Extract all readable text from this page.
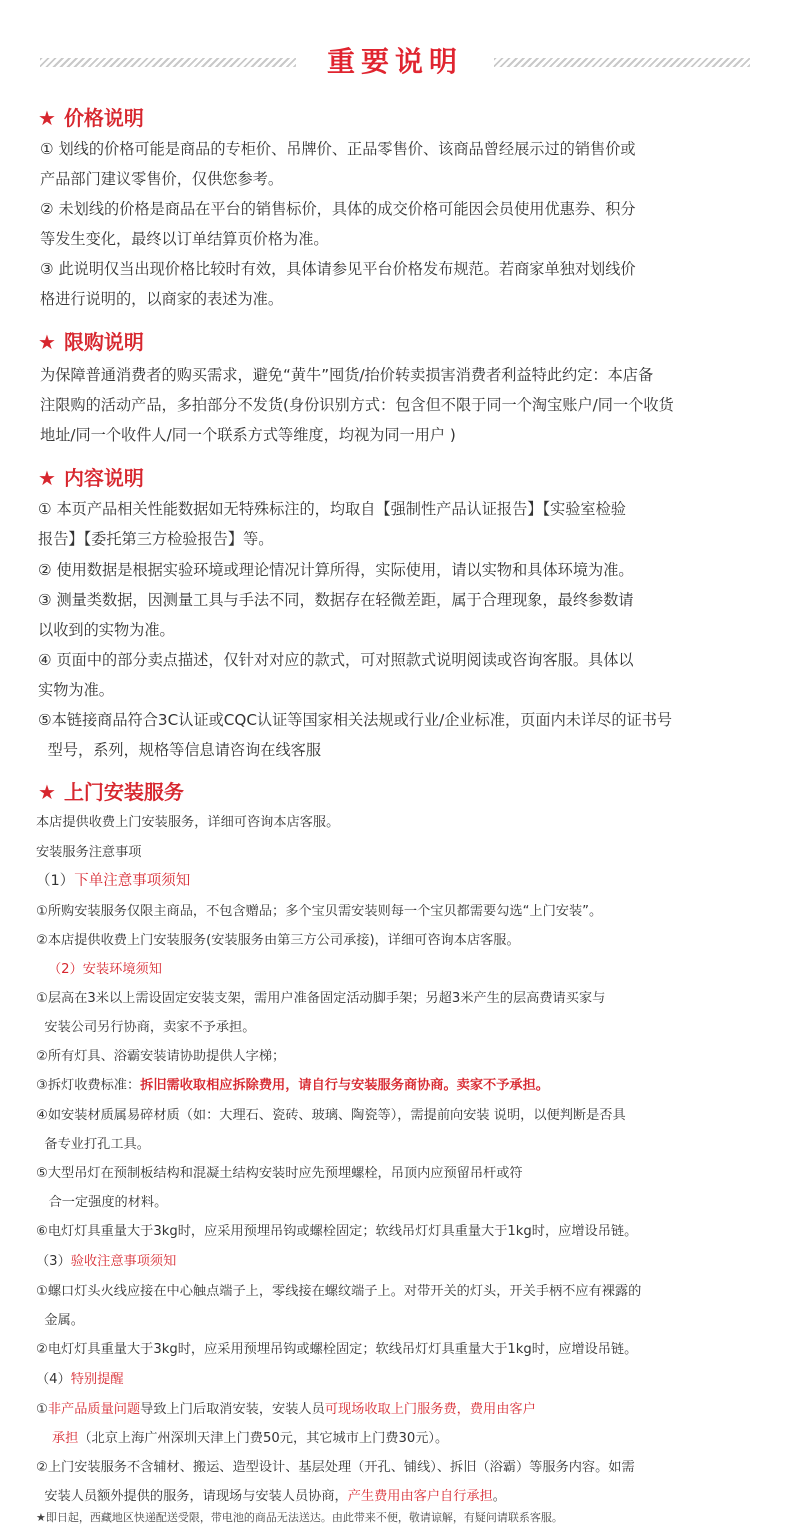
重要说明
★ 价格说明
① 划线的价格可能是商品的专柜价、吊牌价、正品零售价、该商品曾经展示过的销售价或
产品部门建议零售价，仅供您参考。
② 未划线的价格是商品在平台的销售标价，具体的成交价格可能因会员使用优惠券、积分
等发生变化，最终以订单结算页价格为准。
③ 此说明仅当出现价格比较时有效，具体请参见平台价格发布规范。若商家单独对划线价
格进行说明的，以商家的表述为准。
★ 限购说明
为保障普通消费者的购买需求，避免“黄牛”囤货/抬价转卖损害消费者利益特此约定：本店备
注限购的活动产品，多拍部分不发货(身份识别方式：包含但不限于同一个淘宝账户/同一个收货
地址/同一个收件人/同一个联系方式等维度，均视为同一用户 )
★ 内容说明
① 本页产品相关性能数据如无特殊标注的，均取自【强制性产品认证报告】【实验室检验
报告】【委托第三方检验报告】等。
② 使用数据是根据实验环境或理论情况计算所得，实际使用，请以实物和具体环境为准。
③ 测量类数据，因测量工具与手法不同，数据存在轻微差距，属于合理现象，最终参数请
以收到的实物为准。
④ 页面中的部分卖点描述，仅针对对应的款式，可对照款式说明阅读或咨询客服。具体以
实物为准。
⑤本链接商品符合3C认证或CQC认证等国家相关法规或行业/企业标准，页面内未详尽的证书号
型号，系列，规格等信息请咨询在线客服
★ 上门安装服务
本店提供收费上门安装服务，详细可咨询本店客服。
安装服务注意事项
（1）下单注意事项须知
①所购安装服务仅限主商品，不包含赠品；多个宝贝需安装则每一个宝贝都需要勾选“上门安装”。
②本店提供收费上门安装服务(安装服务由第三方公司承接)，详细可咨询本店客服。
（2）安装环境须知
①层高在3米以上需设固定安装支架，需用户准备固定活动脚手架；另超3米产生的层高费请买家与
安装公司另行协商，卖家不予承担。
②所有灯具、浴霸安装请协助提供人字梯；
③拆灯收费标准：拆旧需收取相应拆除费用，请自行与安装服务商协商。卖家不予承担。
④如安装材质属易碎材质（如：大理石、瓷砖、玻璃、陶瓷等），需提前向安装 说明，以便判断是否具
备专业打孔工具。
⑤大型吊灯在预制板结构和混凝土结构安装时应先预埋螺栓，吊顶内应预留吊杆或符
合一定强度的材料。
⑥电灯灯具重量大于3kg时，应采用预埋吊钩或螺栓固定；软线吊灯灯具重量大于1kg时，应增设吊链。
（3）验收注意事项须知
①螺口灯头火线应接在中心触点端子上，零线接在螺纹端子上。对带开关的灯头，开关手柄不应有裸露的
金属。
②电灯灯具重量大于3kg时，应采用预埋吊钩或螺栓固定；软线吊灯灯具重量大于1kg时，应增设吊链。
（4）特别提醒
①非产品质量问题导致上门后取消安装，安装人员可现场收取上门服务费，费用由客户
承担（北京上海广州深圳天津上门费50元，其它城市上门费30元）。
②上门安装服务不含辅材、搬运、造型设计、基层处理（开孔、铺线）、拆旧（浴霸）等服务内容。如需
安装人员额外提供的服务，请现场与安装人员协商，产生费用由客户自行承担。
★即日起，西藏地区快递配送受限，带电池的商品无法送达。由此带来不便，敬请谅解，有疑问请联系客服。
